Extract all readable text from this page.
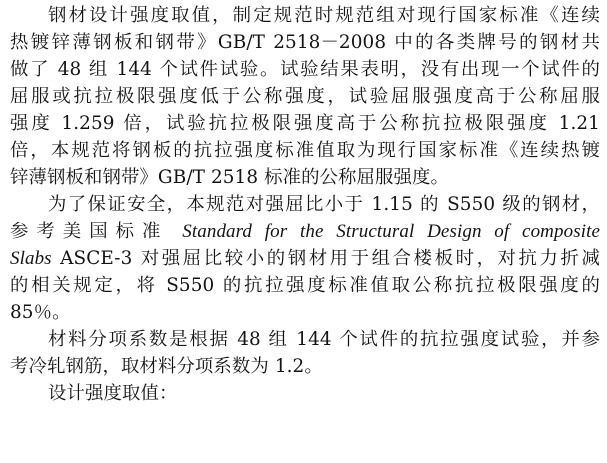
钢材设计强度取值，制定规范时规范组对现行国家标准《连续
热镀锌薄钢板和钢带》GB/T 2518－2008 中的各类牌号的钢材共
做了 48 组 144 个试件试验。试验结果表明，没有出现一个试件的
屈服或抗拉极限强度低于公称强度，试验屈服强度高于公称屈服
强度 1.259 倍，试验抗拉极限强度高于公称抗拉极限强度 1.21
倍，本规范将钢板的抗拉强度标准值取为现行国家标准《连续热镀
锌薄钢板和钢带》GB/T 2518 标准的公称屈服强度。
为了保证安全，本规范对强屈比小于 1.15 的 S550 级的钢材，
参考美国标准 Standard for the Structural Design of composite
Slabs ASCE-3 对强屈比较小的钢材用于组合楼板时，对抗力折减
的相关规定，将 S550 的抗拉强度标准值取公称抗拉极限强度的
85％。
材料分项系数是根据 48 组 144 个试件的抗拉强度试验，并参
考冷轧钢筋，取材料分项系数为 1.2。
设计强度取值：
